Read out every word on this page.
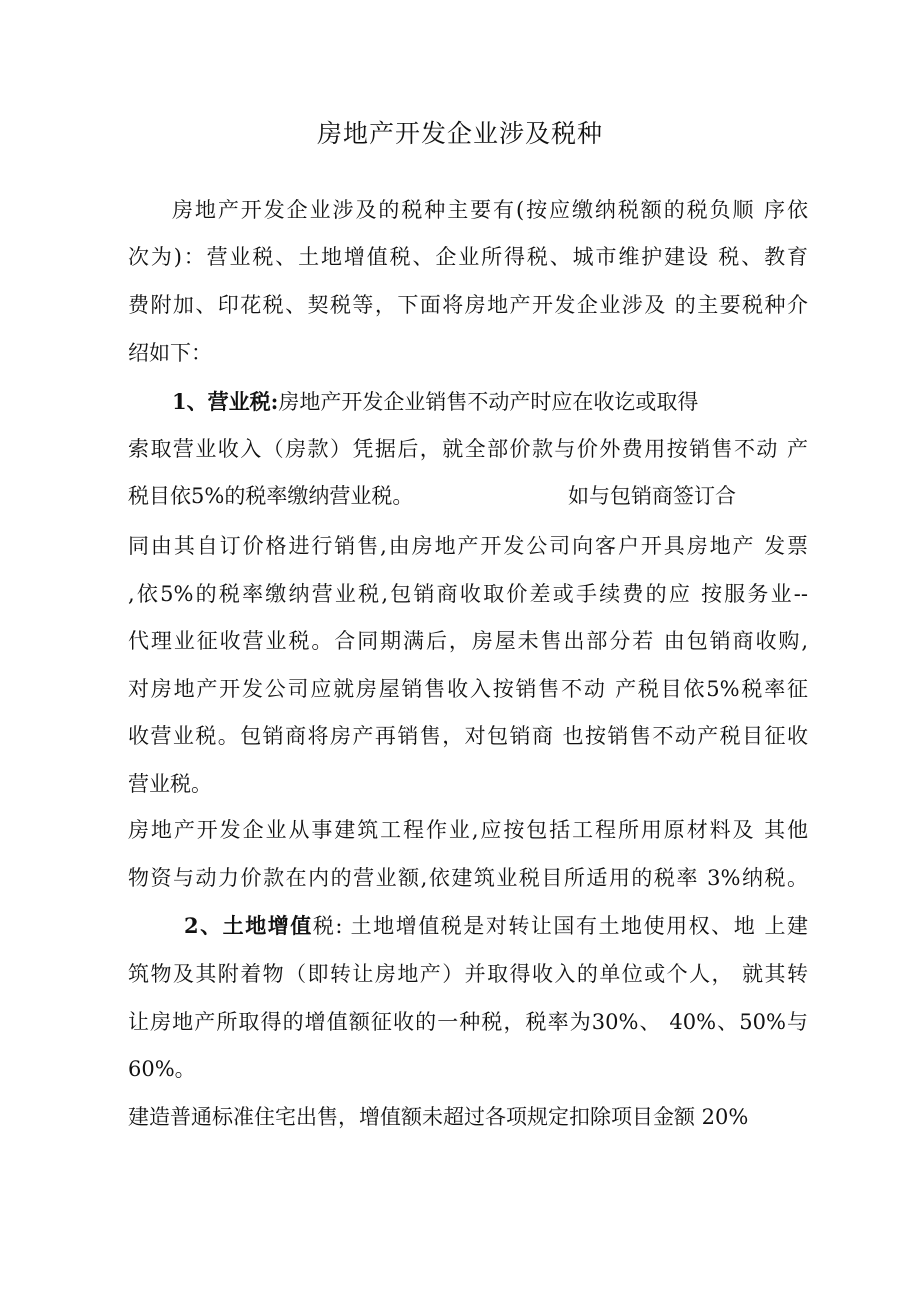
房地产开发企业涉及税种
房地产开发企业涉及的税种主要有(按应缴纳税额的税负顺 序依
次为)：营业税、土地增值税、企业所得税、城市维护建设 税、教育
费附加、印花税、契税等，下面将房地产开发企业涉及 的主要税种介
绍如下：
1、营业税:房地产开发企业销售不动产时应在收讫或取得
索取营业收入（房款）凭据后，就全部价款与价外费用按销售不动 产
税目依5%的税率缴纳营业税。	如与包销商签订合
同由其自订价格进行销售,由房地产开发公司向客户开具房地产 发票
,依5%的税率缴纳营业税,包销商收取价差或手续费的应 按服务业--
代理业征收营业税。合同期满后，房屋未售出部分若 由包销商收购,
对房地产开发公司应就房屋销售收入按销售不动 产税目依5%税率征
收营业税。包销商将房产再销售，对包销商 也按销售不动产税目征收
营业税。
房地产开发企业从事建筑工程作业,应按包括工程所用原材料及 其他
物资与动力价款在内的营业额,依建筑业税目所适用的税率 3%纳税。
2、土地增值税: 土地增值税是对转让国有土地使用权、地 上建
筑物及其附着物（即转让房地产）并取得收入的单位或个人， 就其转
让房地产所取得的增值额征收的一种税，税率为30%、 40%、50%与
60%。
建造普通标准住宅出售，增值额未超过各项规定扣除项目金额 20%
